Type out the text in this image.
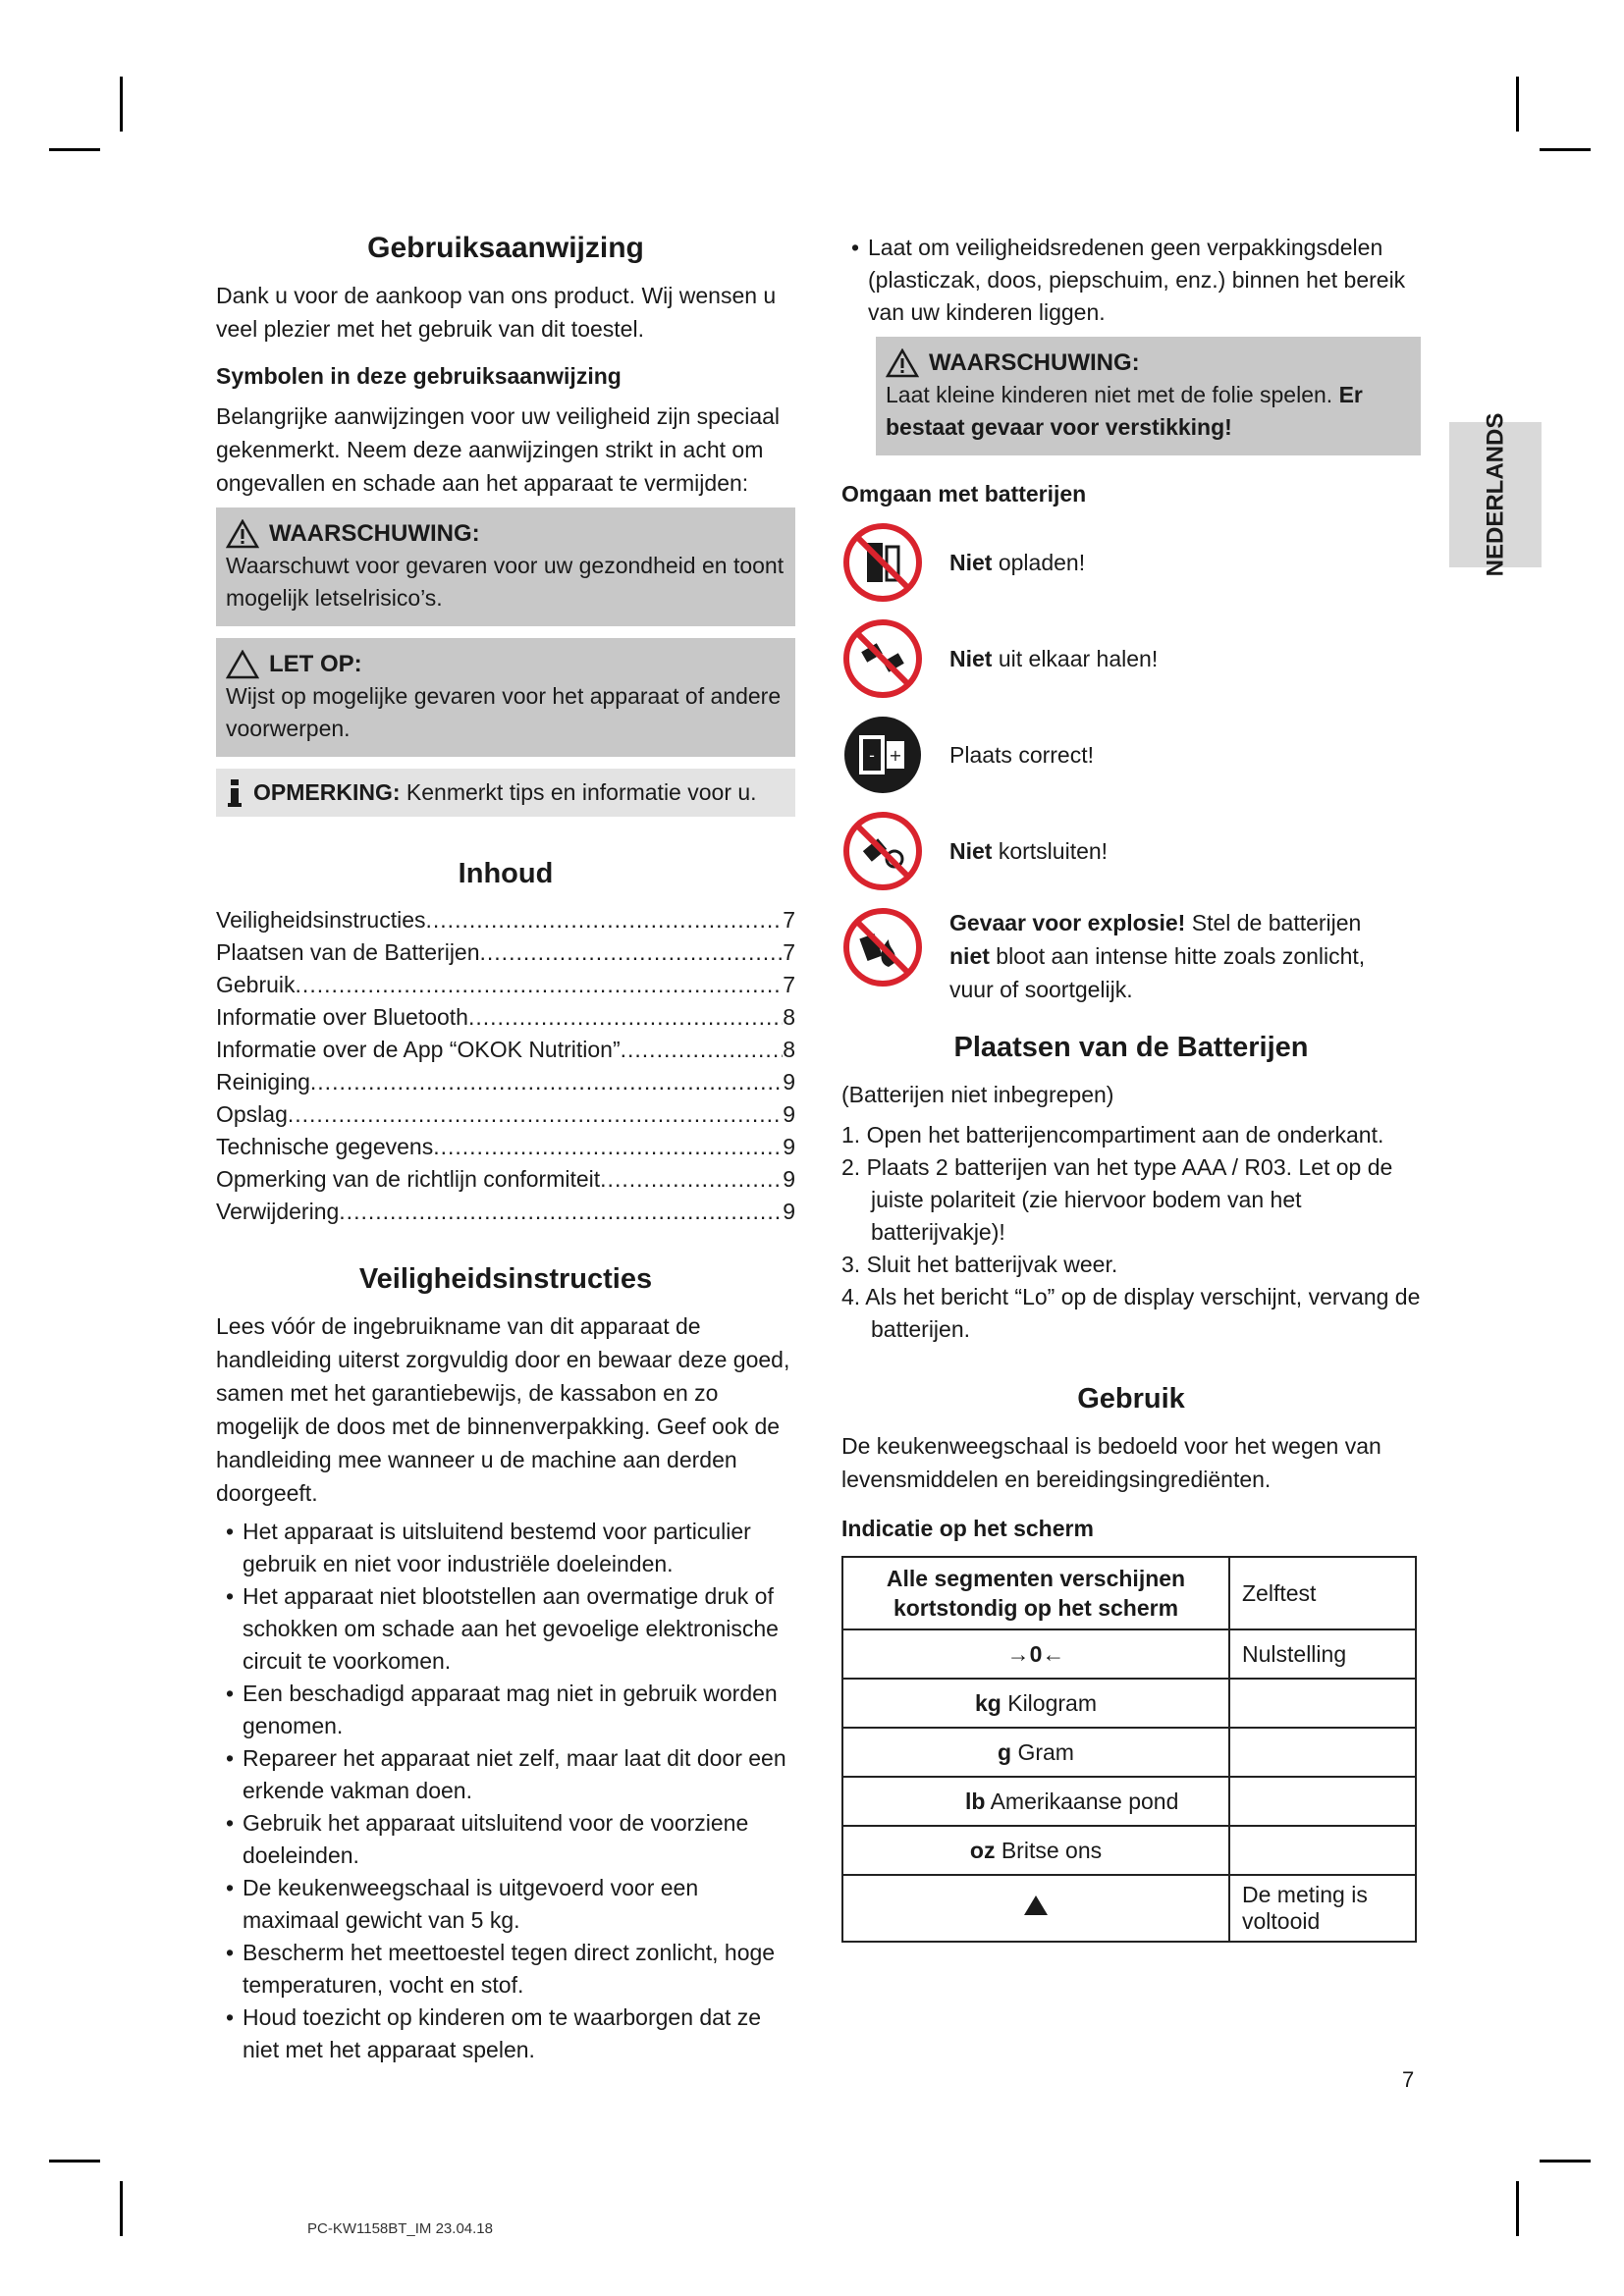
Gebruiksaanwijzing

Dank u voor de aankoop van ons product. Wij wensen u veel plezier met het gebruik van dit toestel.

Symbolen in deze gebruiksaanwijzing

Belangrijke aanwijzingen voor uw veiligheid zijn speciaal gekenmerkt. Neem deze aanwijzingen strikt in acht om ongevallen en schade aan het apparaat te vermijden:

WAARSCHUWING:
Waarschuwt voor gevaren voor uw gezondheid en toont mogelijk letselrisico’s.
LET OP:
Wijst op mogelijke gevaren voor het apparaat of andere voorwerpen.
OPMERKING: Kenmerkt tips en informatie voor u.
Inhoud
Veiligheidsinstructies .....	7
Plaatsen van de Batterijen .....	7
Gebruik .....	7
Informatie over Bluetooth .....	8
Informatie over de App “OKOK Nutrition” .....	8
Reiniging .....	9
Opslag .....	9
Technische gegevens .....	9
Opmerking van de richtlijn conformiteit .....	9
Verwijdering .....	9
Veiligheidsinstructies

Lees vóór de ingebruikname van dit apparaat de handleiding uiterst zorgvuldig door en bewaar deze goed, samen met het garantiebewijs, de kassabon en zo mogelijk de doos met de binnenverpakking. Geef ook de handleiding mee wanneer u de machine aan derden doorgeeft.

• Het apparaat is uitsluitend bestemd voor particulier gebruik en niet voor industriële doeleinden.
• Het apparaat niet blootstellen aan overmatige druk of schokken om schade aan het gevoelige elektronische circuit te voorkomen.
• Een beschadigd apparaat mag niet in gebruik worden genomen.
• Repareer het apparaat niet zelf, maar laat dit door een erkende vakman doen.
• Gebruik het apparaat uitsluitend voor de voorziene doeleinden.
• De keukenweegschaal is uitgevoerd voor een maximaal gewicht van 5 kg.
• Bescherm het meettoestel tegen direct zonlicht, hoge temperaturen, vocht en stof.
• Houd toezicht op kinderen om te waarborgen dat ze niet met het apparaat spelen.
• Laat om veiligheidsredenen geen verpakkingsdelen (plasticzak, doos, piepschuim, enz.) binnen het bereik van uw kinderen liggen.
WAARSCHUWING:
Laat kleine kinderen niet met de folie spelen. Er bestaat gevaar voor verstikking!
Omgaan met batterijen
Niet opladen!
Niet uit elkaar halen!
- + Plaats correct!
Niet kortsluiten!
Gevaar voor explosie! Stel de batterijen niet bloot aan intense hitte zoals zonlicht, vuur of soortgelijk.
Plaatsen van de Batterijen

(Batterijen niet inbegrepen)

1. Open het batterijencompartiment aan de onderkant.
2. Plaats 2 batterijen van het type AAA / R03. Let op de juiste polariteit (zie hiervoor bodem van het batterijvakje)!
3. Sluit het batterijvak weer.
4. Als het bericht “Lo” op de display verschijnt, vervang de batterijen.
Gebruik

De keukenweegschaal is bedoeld voor het wegen van levensmiddelen en bereidingsingrediënten.

Indicatie op het scherm
Alle segmenten verschijnen kortstondig op het scherm	Zelftest
→0←	Nulstelling
kg Kilogram	
g Gram	
lb Amerikaanse pond	
oz Britse ons	
	De meting is voltooid
NEDERLANDS
7
PC-KW1158BT_IM 23.04.18
